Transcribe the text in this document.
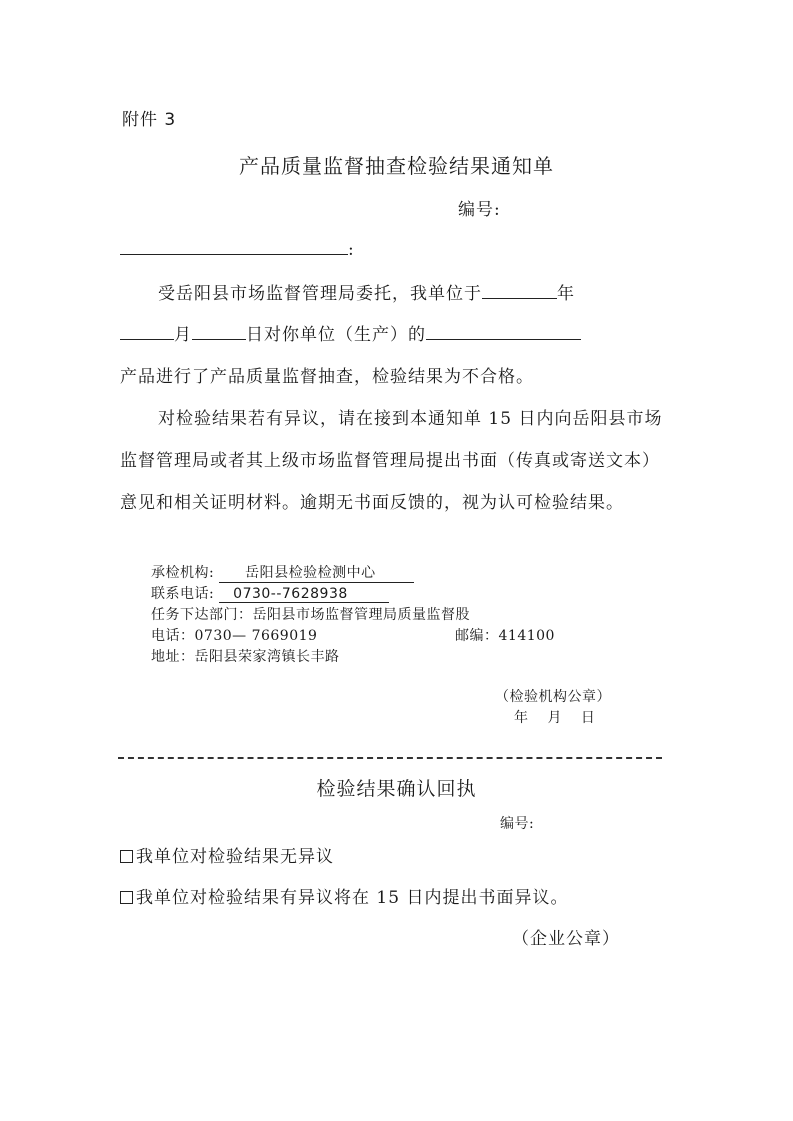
附件 3
产品质量监督抽查检验结果通知单
编号:
:
受岳阳县市场监督管理局委托，我单位于	年
月	日对你单位（生产）的
产品进行了产品质量监督抽查，检验结果为不合格。
对检验结果若有异议，请在接到本通知单 15 日内向岳阳县市场
监督管理局或者其上级市场监督管理局提出书面（传真或寄送文本）
意见和相关证明材料。逾期无书面反馈的，视为认可检验结果。
承检机构: 岳阳县检验检测中心
联系电话: 0730--7628938
任务下达部门：岳阳县市场监督管理局质量监督股
电话：0730— 7669019	邮编：414100
地址：岳阳县荣家湾镇长丰路
（检验机构公章）
年 月 日
检验结果确认回执
编号:
我单位对检验结果无异议
我单位对检验结果有异议将在 15 日内提出书面异议。
（企业公章）
